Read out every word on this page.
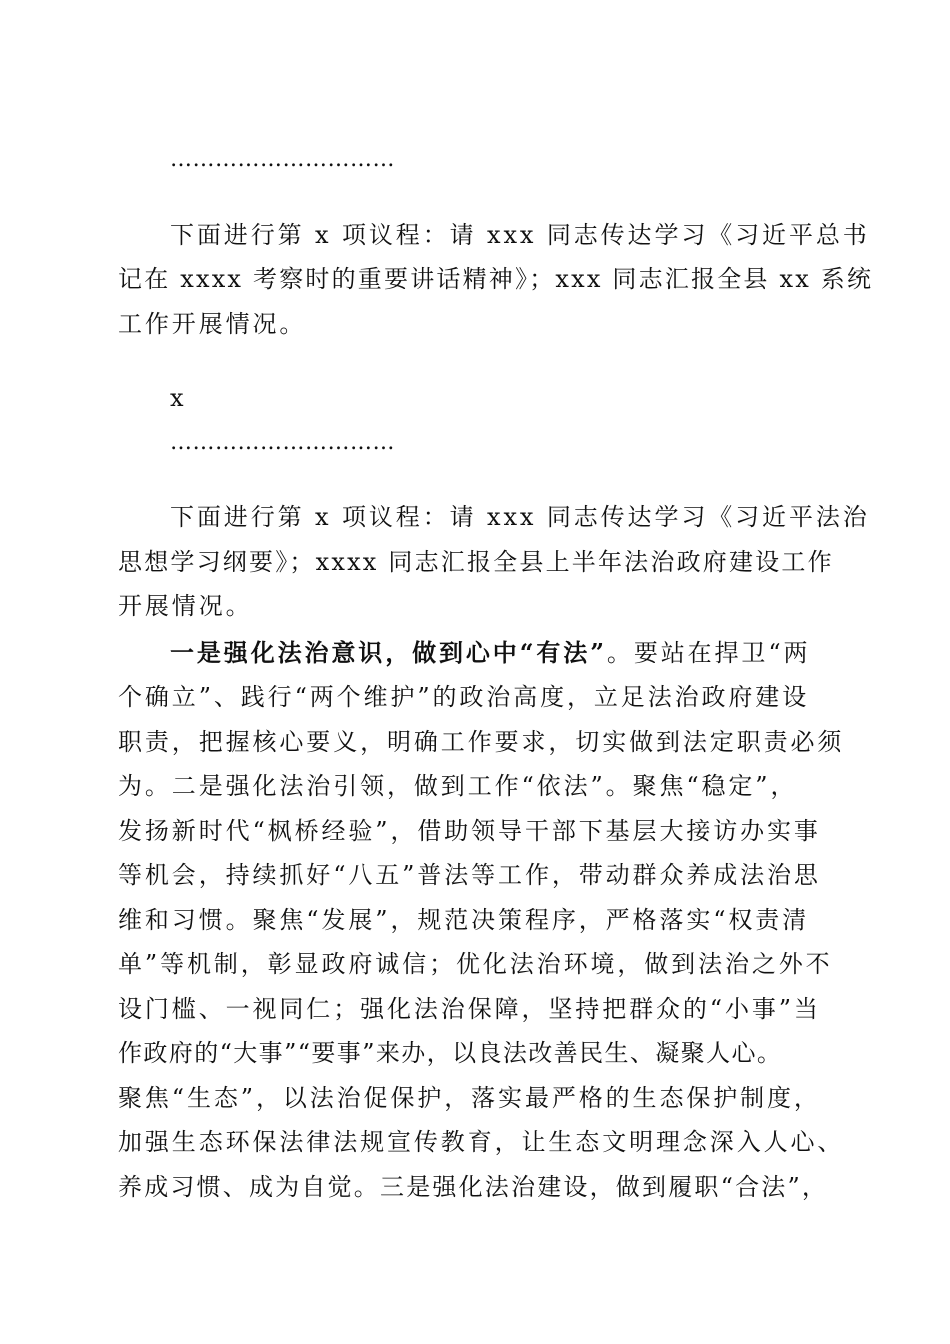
…………………………
下面进行第 x 项议程：请 xxx 同志传达学习《习近平总书
记在 xxxx 考察时的重要讲话精神》；xxx 同志汇报全县 xx 系统
工作开展情况。
x
…………………………
下面进行第 x 项议程：请 xxx 同志传达学习《习近平法治
思想学习纲要》；xxxx 同志汇报全县上半年法治政府建设工作
开展情况。
一是强化法治意识，做到心中“有法”。要站在捍卫“两
个确立”、践行“两个维护”的政治高度，立足法治政府建设
职责，把握核心要义，明确工作要求，切实做到法定职责必须
为。二是强化法治引领，做到工作“依法”。聚焦“稳定”，
发扬新时代“枫桥经验”，借助领导干部下基层大接访办实事
等机会，持续抓好“八五”普法等工作，带动群众养成法治思
维和习惯。聚焦“发展”，规范决策程序，严格落实“权责清
单”等机制，彰显政府诚信；优化法治环境，做到法治之外不
设门槛、一视同仁；强化法治保障，坚持把群众的“小事”当
作政府的“大事”“要事”来办，以良法改善民生、凝聚人心。
聚焦“生态”，以法治促保护，落实最严格的生态保护制度，
加强生态环保法律法规宣传教育，让生态文明理念深入人心、
养成习惯、成为自觉。三是强化法治建设，做到履职“合法”，
